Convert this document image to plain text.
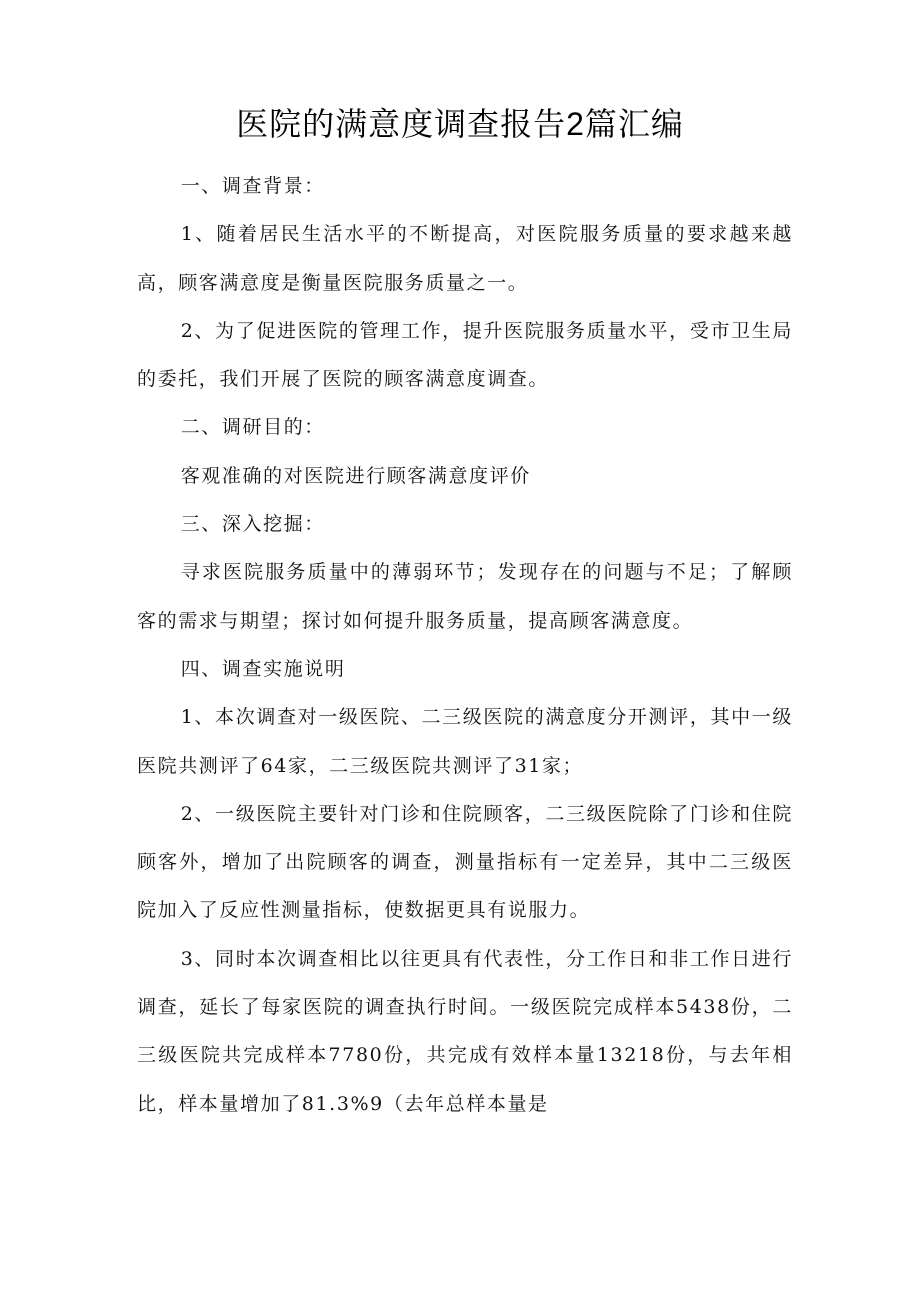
医院的满意度调查报告2篇汇编

一、调查背景：

1、随着居民生活水平的不断提高，对医院服务质量的要求越来越高，顾客满意度是衡量医院服务质量之一。

2、为了促进医院的管理工作，提升医院服务质量水平，受市卫生局的委托，我们开展了医院的顾客满意度调查。

二、调研目的：

客观准确的对医院进行顾客满意度评价

三、深入挖掘：

寻求医院服务质量中的薄弱环节；发现存在的问题与不足；了解顾客的需求与期望；探讨如何提升服务质量，提高顾客满意度。

四、调查实施说明

1、本次调查对一级医院、二三级医院的满意度分开测评，其中一级医院共测评了64家，二三级医院共测评了31家；

2、一级医院主要针对门诊和住院顾客，二三级医院除了门诊和住院顾客外，增加了出院顾客的调查，测量指标有一定差异，其中二三级医院加入了反应性测量指标，使数据更具有说服力。

3、同时本次调查相比以往更具有代表性，分工作日和非工作日进行调查，延长了每家医院的调查执行时间。一级医院完成样本5438份，二三级医院共完成样本7780份，共完成有效样本量13218份，与去年相比，样本量增加了81.3%9（去年总样本量是
